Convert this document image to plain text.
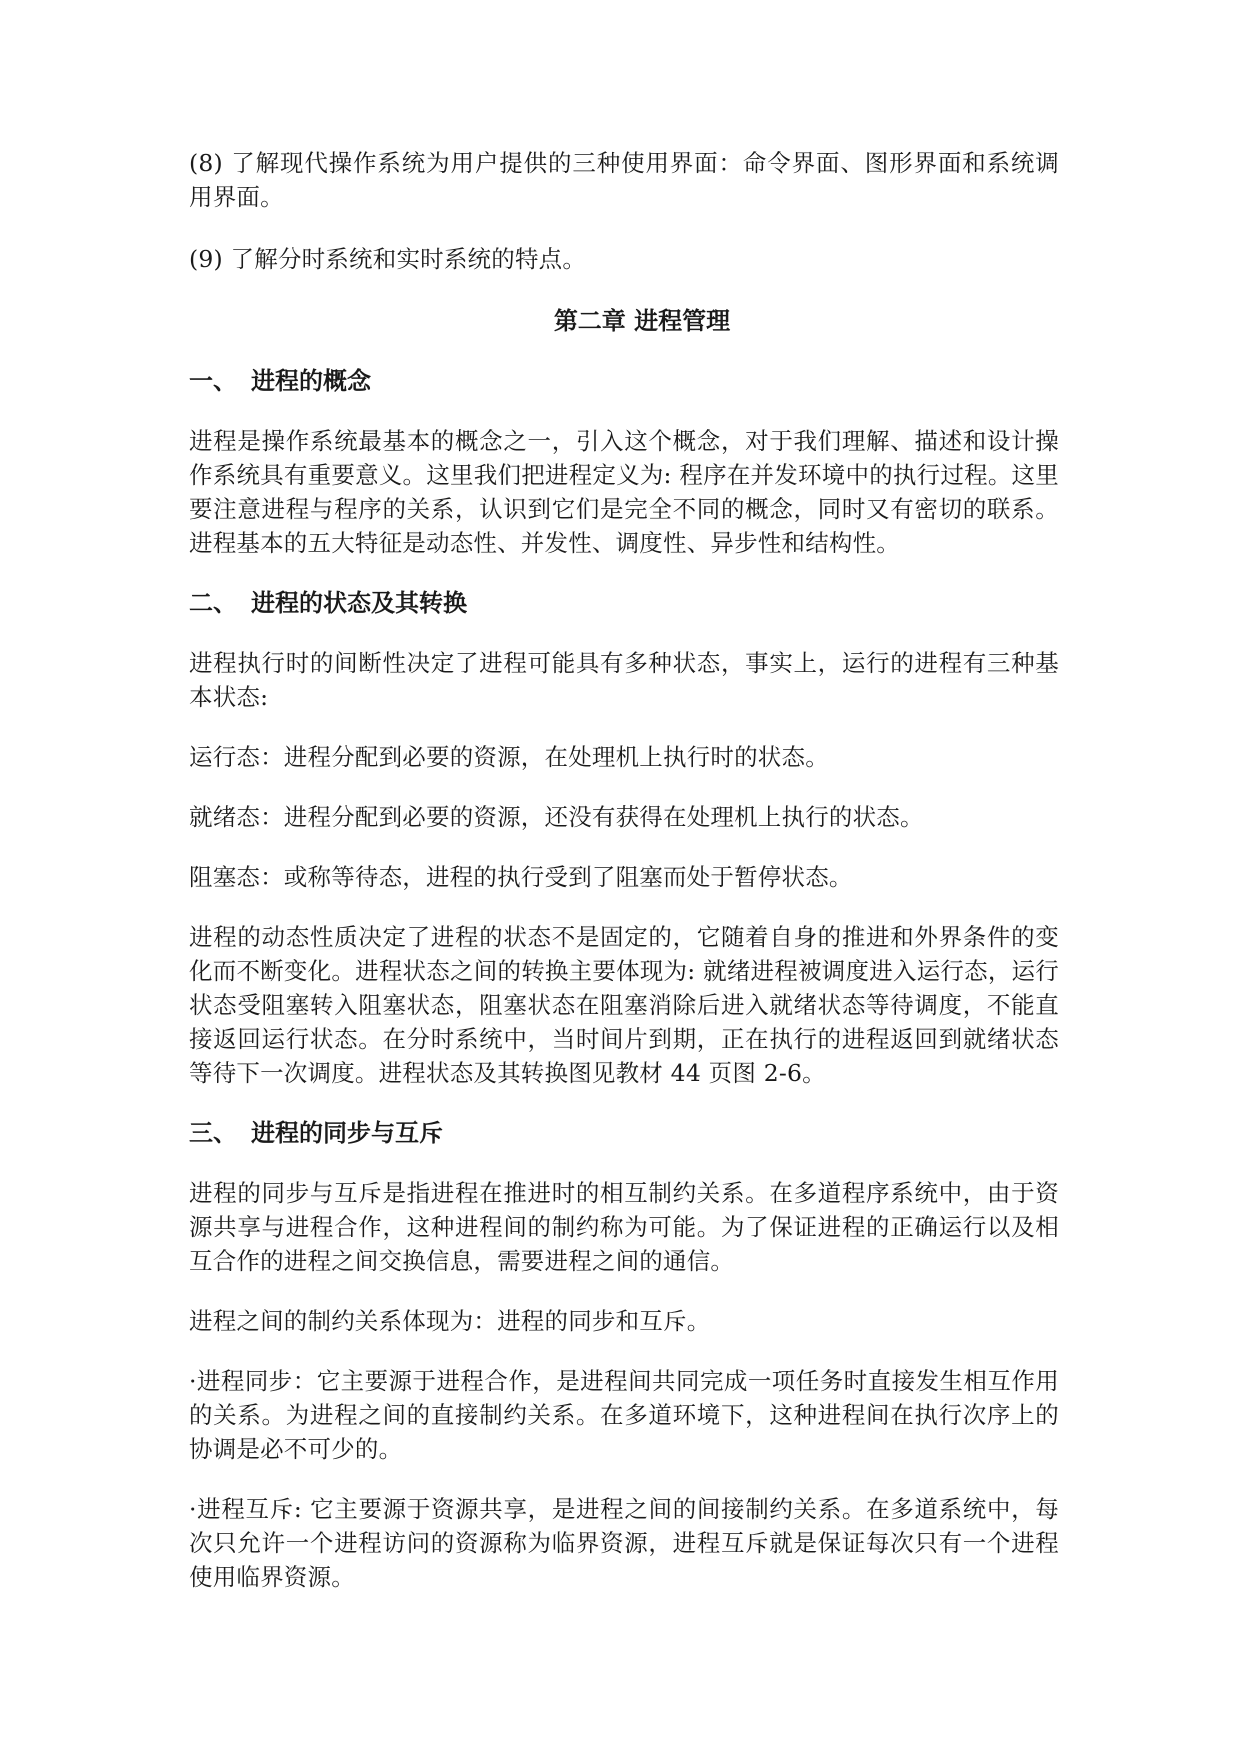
(8) 了解现代操作系统为用户提供的三种使用界面：命令界面、图形界面和系统调用界面。

(9) 了解分时系统和实时系统的特点。

第二章 进程管理

一、 进程的概念

进程是操作系统最基本的概念之一，引入这个概念，对于我们理解、描述和设计操作系统具有重要意义。这里我们把进程定义为: 程序在并发环境中的执行过程。这里要注意进程与程序的关系，认识到它们是完全不同的概念，同时又有密切的联系。进程基本的五大特征是动态性、并发性、调度性、异步性和结构性。

二、 进程的状态及其转换

进程执行时的间断性决定了进程可能具有多种状态，事实上，运行的进程有三种基本状态:

运行态：进程分配到必要的资源，在处理机上执行时的状态。

就绪态：进程分配到必要的资源，还没有获得在处理机上执行的状态。

阻塞态：或称等待态，进程的执行受到了阻塞而处于暂停状态。

进程的动态性质决定了进程的状态不是固定的，它随着自身的推进和外界条件的变化而不断变化。进程状态之间的转换主要体现为: 就绪进程被调度进入运行态，运行状态受阻塞转入阻塞状态，阻塞状态在阻塞消除后进入就绪状态等待调度，不能直接返回运行状态。在分时系统中，当时间片到期，正在执行的进程返回到就绪状态等待下一次调度。进程状态及其转换图见教材 44 页图 2-6。

三、 进程的同步与互斥

进程的同步与互斥是指进程在推进时的相互制约关系。在多道程序系统中，由于资源共享与进程合作，这种进程间的制约称为可能。为了保证进程的正确运行以及相互合作的进程之间交换信息，需要进程之间的通信。

进程之间的制约关系体现为：进程的同步和互斥。

·进程同步：它主要源于进程合作，是进程间共同完成一项任务时直接发生相互作用的关系。为进程之间的直接制约关系。在多道环境下，这种进程间在执行次序上的协调是必不可少的。

·进程互斥: 它主要源于资源共享，是进程之间的间接制约关系。在多道系统中，每次只允许一个进程访问的资源称为临界资源，进程互斥就是保证每次只有一个进程使用临界资源。
